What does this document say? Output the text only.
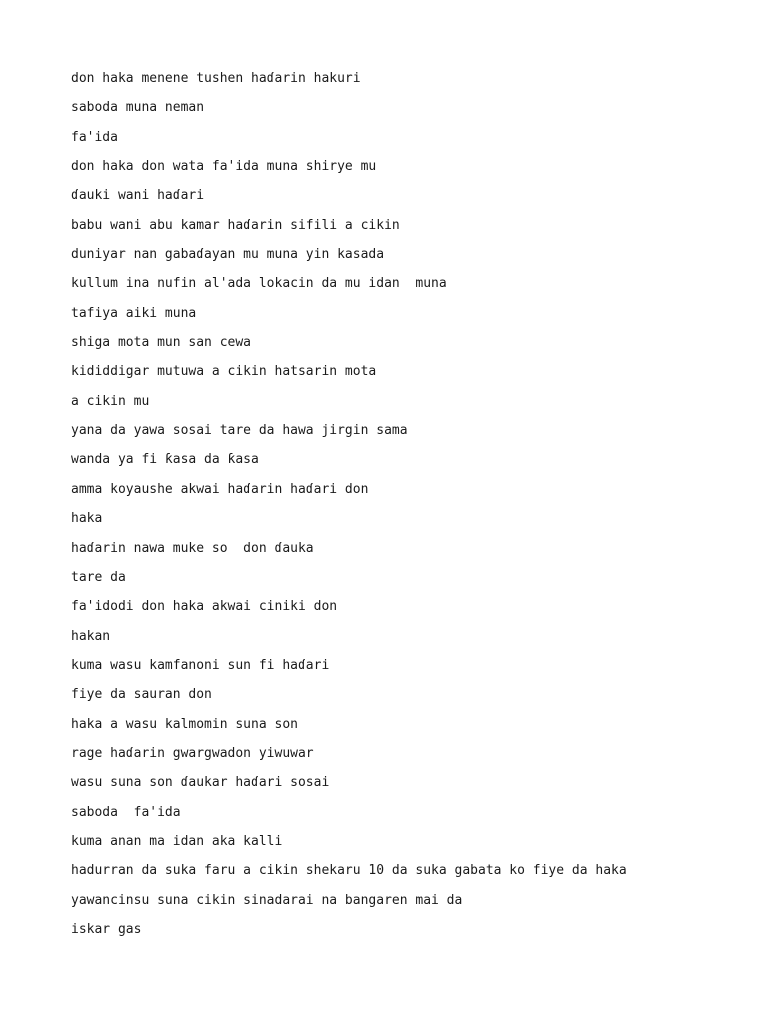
don haka menene tushen haɗarin hakuri
saboda muna neman
fa'ida
don haka don wata fa'ida muna shirye mu
ɗauki wani haɗari
babu wani abu kamar haɗarin sifili a cikin
duniyar nan gabaɗayan mu muna yin kasada
kullum ina nufin al'ada lokacin da mu idan  muna
tafiya aiki muna
shiga mota mun san cewa
kididdigar mutuwa a cikin hatsarin mota
a cikin mu
yana da yawa sosai tare da hawa jirgin sama
wanda ya fi ƙasa da ƙasa
amma koyaushe akwai haɗarin haɗari don
haka
haɗarin nawa muke so  don ɗauka
tare da
fa'idodi don haka akwai ciniki don
hakan
kuma wasu kamfanoni sun fi haɗari
fiye da sauran don
haka a wasu kalmomin suna son
rage haɗarin gwargwadon yiwuwar
wasu suna son ɗaukar haɗari sosai
saboda  fa'ida
kuma anan ma idan aka kalli
hadurran da suka faru a cikin shekaru 10 da suka gabata ko fiye da haka
yawancinsu suna cikin sinadarai na bangaren mai da
iskar gas
